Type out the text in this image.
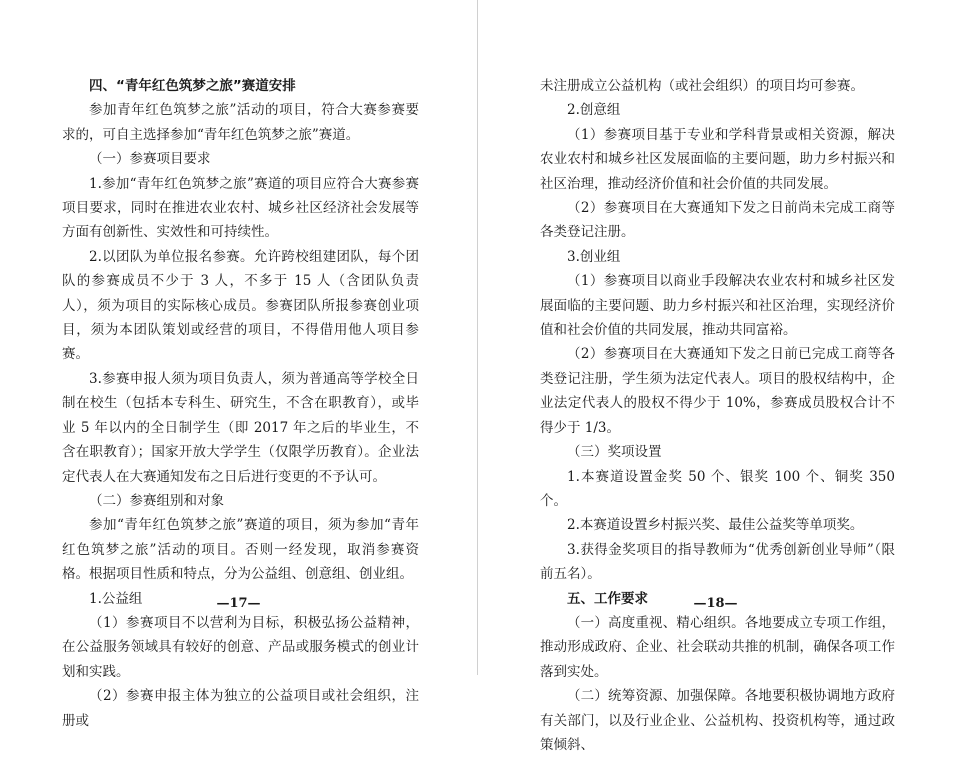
四、“青年红色筑梦之旅”赛道安排

参加青年红色筑梦之旅”活动的项目，符合大赛参赛要求的，可自主选择参加“青年红色筑梦之旅”赛道。

（一）参赛项目要求

1.参加“青年红色筑梦之旅”赛道的项目应符合大赛参赛项目要求，同时在推进农业农村、城乡社区经济社会发展等方面有创新性、实效性和可持续性。

2.以团队为单位报名参赛。允许跨校组建团队，每个团队的参赛成员不少于 3 人，不多于 15 人（含团队负责人），须为项目的实际核心成员。参赛团队所报参赛创业项目，须为本团队策划或经营的项目，不得借用他人项目参赛。

3.参赛申报人须为项目负责人，须为普通高等学校全日制在校生（包括本专科生、研究生，不含在职教育），或毕业 5 年以内的全日制学生（即 2017 年之后的毕业生，不含在职教育）；国家开放大学学生（仅限学历教育）。企业法定代表人在大赛通知发布之日后进行变更的不予认可。

（二）参赛组别和对象

参加“青年红色筑梦之旅”赛道的项目，须为参加“青年红色筑梦之旅”活动的项目。否则一经发现，取消参赛资格。根据项目性质和特点，分为公益组、创意组、创业组。

1.公益组

（1）参赛项目不以营利为目标，积极弘扬公益精神，在公益服务领域具有较好的创意、产品或服务模式的创业计划和实践。

（2）参赛申报主体为独立的公益项目或社会组织，注册或

—17—

未注册成立公益机构（或社会组织）的项目均可参赛。

2.创意组

（1）参赛项目基于专业和学科背景或相关资源，解决农业农村和城乡社区发展面临的主要问题，助力乡村振兴和社区治理，推动经济价值和社会价值的共同发展。

（2）参赛项目在大赛通知下发之日前尚未完成工商等各类登记注册。

3.创业组

（1）参赛项目以商业手段解决农业农村和城乡社区发展面临的主要问题、助力乡村振兴和社区治理，实现经济价值和社会价值的共同发展，推动共同富裕。

（2）参赛项目在大赛通知下发之日前已完成工商等各类登记注册，学生须为法定代表人。项目的股权结构中，企业法定代表人的股权不得少于 10%，参赛成员股权合计不得少于 1/3。

（三）奖项设置

1.本赛道设置金奖 50 个、银奖 100 个、铜奖 350 个。

2.本赛道设置乡村振兴奖、最佳公益奖等单项奖。

3.获得金奖项目的指导教师为“优秀创新创业导师”（限前五名）。

五、工作要求

（一）高度重视、精心组织。各地要成立专项工作组，推动形成政府、企业、社会联动共推的机制，确保各项工作落到实处。

（二）统筹资源、加强保障。各地要积极协调地方政府有关部门，以及行业企业、公益机构、投资机构等，通过政策倾斜、

—18—
